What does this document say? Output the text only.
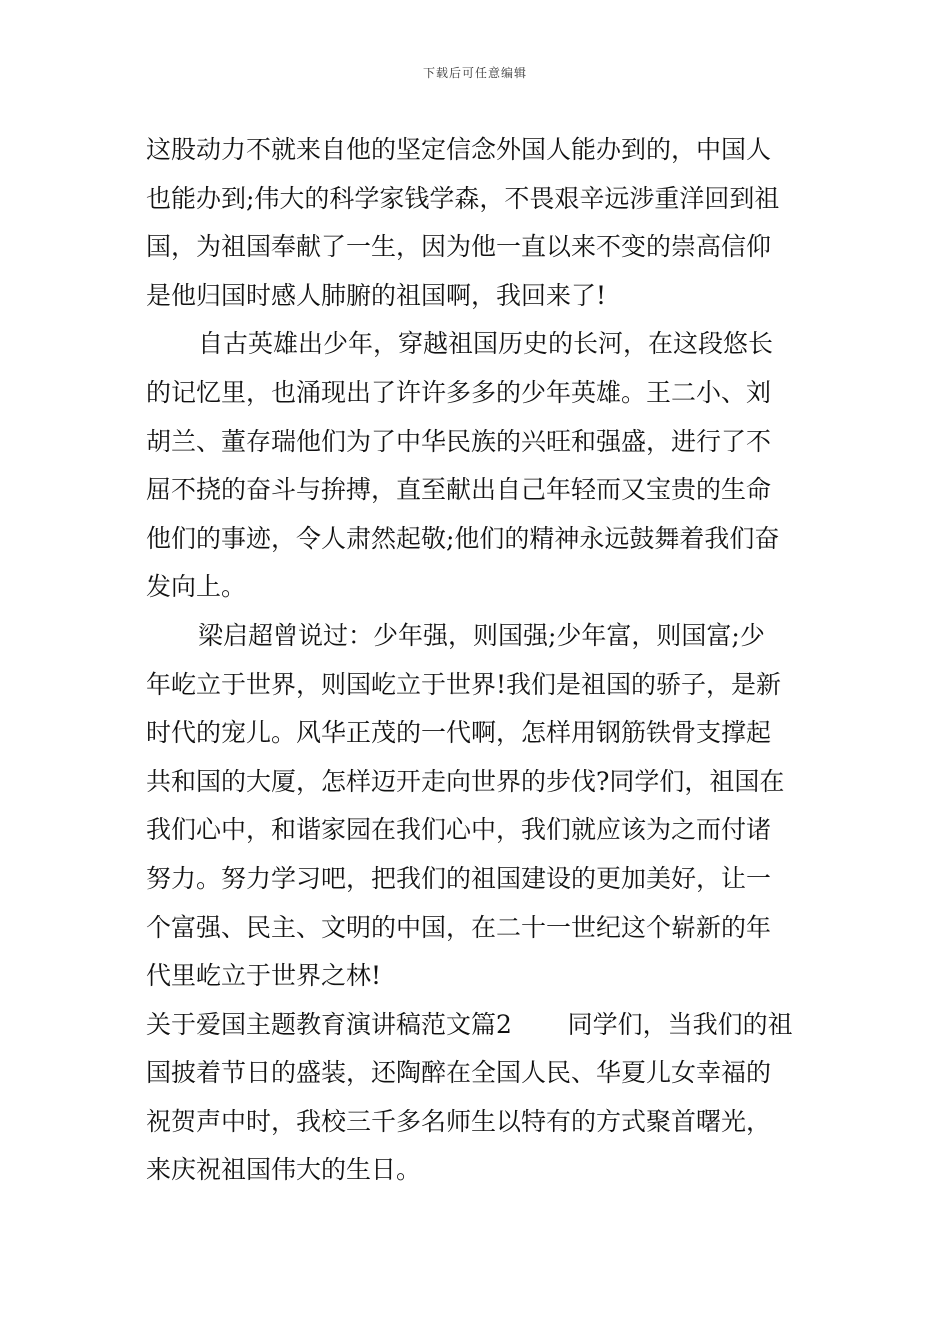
下载后可任意编辑
这股动力不就来自他的坚定信念外国人能办到的，中国人
也能办到;伟大的科学家钱学森，不畏艰辛远涉重洋回到祖
国，为祖国奉献了一生，因为他一直以来不变的崇高信仰
是他归国时感人肺腑的祖国啊，我回来了!
自古英雄出少年，穿越祖国历史的长河，在这段悠长
的记忆里，也涌现出了许许多多的少年英雄。王二小、刘
胡兰、董存瑞他们为了中华民族的兴旺和强盛，进行了不
屈不挠的奋斗与拚搏，直至献出自己年轻而又宝贵的生命
他们的事迹，令人肃然起敬;他们的精神永远鼓舞着我们奋
发向上。
梁启超曾说过：少年强，则国强;少年富，则国富;少
年屹立于世界，则国屹立于世界!我们是祖国的骄子，是新
时代的宠儿。风华正茂的一代啊，怎样用钢筋铁骨支撑起
共和国的大厦，怎样迈开走向世界的步伐?同学们，祖国在
我们心中，和谐家园在我们心中，我们就应该为之而付诸
努力。努力学习吧，把我们的祖国建设的更加美好，让一
个富强、民主、文明的中国，在二十一世纪这个崭新的年
代里屹立于世界之林!
关于爱国主题教育演讲稿范文篇2 同学们，当我们的祖
国披着节日的盛装，还陶醉在全国人民、华夏儿女幸福的
祝贺声中时，我校三千多名师生以特有的方式聚首曙光，
来庆祝祖国伟大的生日。
